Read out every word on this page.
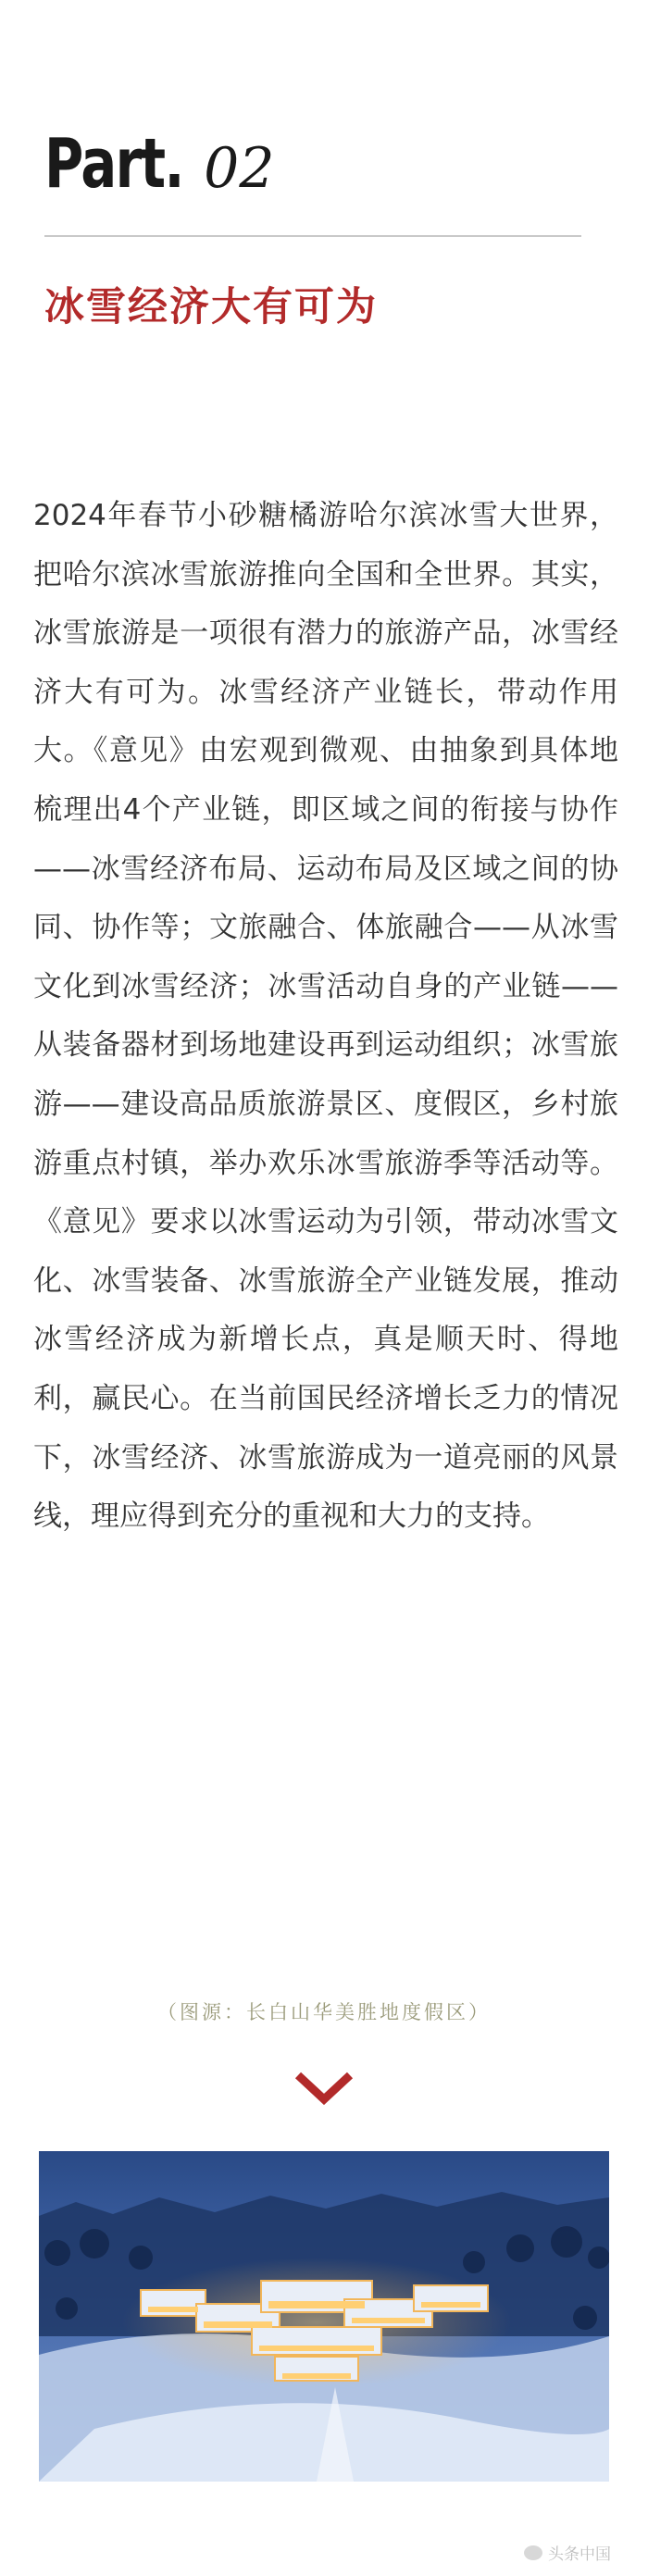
Part. 02
冰雪经济大有可为
2024年春节小砂糖橘游哈尔滨冰雪大世界，把哈尔滨冰雪旅游推向全国和全世界。其实，冰雪旅游是一项很有潜力的旅游产品，冰雪经济大有可为。冰雪经济产业链长，带动作用大。《意见》由宏观到微观、由抽象到具体地梳理出4个产业链，即区域之间的衔接与协作——冰雪经济布局、运动布局及区域之间的协同、协作等；文旅融合、体旅融合——从冰雪文化到冰雪经济；冰雪活动自身的产业链——从装备器材到场地建设再到运动组织；冰雪旅游——建设高品质旅游景区、度假区，乡村旅游重点村镇，举办欢乐冰雪旅游季等活动等。《意见》要求以冰雪运动为引领，带动冰雪文化、冰雪装备、冰雪旅游全产业链发展，推动冰雪经济成为新增长点，真是顺天时、得地利，赢民心。在当前国民经济增长乏力的情况下，冰雪经济、冰雪旅游成为一道亮丽的风景线，理应得到充分的重视和大力的支持。
（图源：长白山华美胜地度假区）
头条中国
